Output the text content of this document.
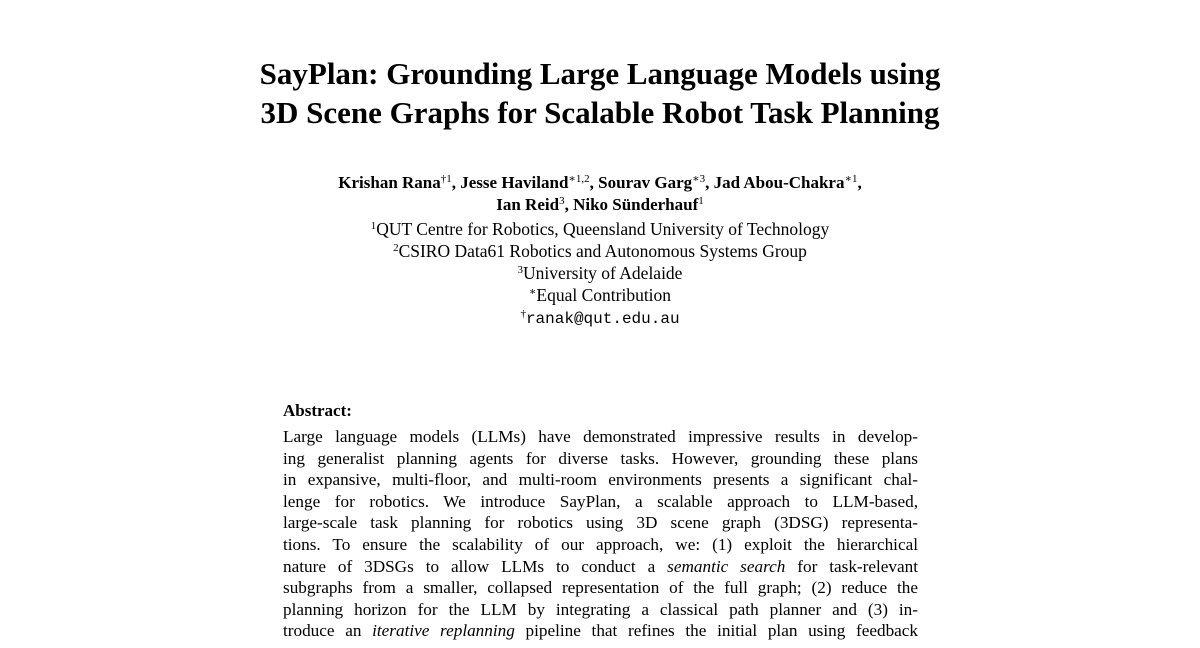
SayPlan: Grounding Large Language Models using
3D Scene Graphs for Scalable Robot Task Planning
Krishan Rana$^{\dagger 1}$, Jesse Haviland$^{∗1,2}$, Sourav Garg$^{∗3}$, Jad Abou-Chakra$^{∗1}$,
Ian Reid$^3$, Niko Sünderhauf$^1$
$^1$QUT Centre for Robotics, Queensland University of Technology
$^2$CSIRO Data61 Robotics and Autonomous Systems Group
$^3$University of Adelaide
∗Equal Contribution
†ranak@qut.edu.au
Abstract:
Large language models (LLMs) have demonstrated impressive results in develop-
ing generalist planning agents for diverse tasks. However, grounding these plans
in expansive, multi-floor, and multi-room environments presents a significant chal-
lenge for robotics. We introduce SayPlan, a scalable approach to LLM-based,
large-scale task planning for robotics using 3D scene graph (3DSG) representa-
tions. To ensure the scalability of our approach, we: (1) exploit the hierarchical
nature of 3DSGs to allow LLMs to conduct a semantic search for task-relevant
subgraphs from a smaller, collapsed representation of the full graph; (2) reduce the
planning horizon for the LLM by integrating a classical path planner and (3) in-
troduce an iterative replanning pipeline that refines the initial plan using feedback
